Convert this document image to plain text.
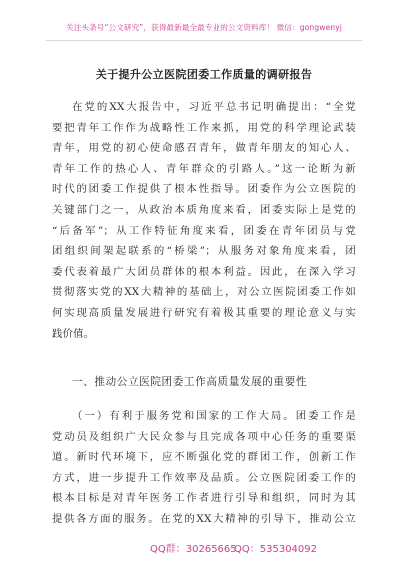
关注头条号“公文研究”，获得最新最全最专业的公文资料库！ 微信：gongwenyj
关于提升公立医院团委工作质量的调研报告
在党的XX大报告中，习近平总书记明确提出：“全党
要把青年工作作为战略性工作来抓，用党的科学理论武装
青年，用党的初心使命感召青年，做青年朋友的知心人、
青年工作的热心人、青年群众的引路人。”这一论断为新
时代的团委工作提供了根本性指导。团委作为公立医院的
关键部门之一，从政治本质角度来看，团委实际上是党的
“后备军”；从工作特征角度来看，团委在青年团员与党
团组织间架起联系的“桥梁”；从服务对象角度来看，团
委代表着最广大团员群体的根本利益。因此，在深入学习
贯彻落实党的XX大精神的基础上，对公立医院团委工作如
何实现高质量发展进行研究有着极其重要的理论意义与实
践价值。
一、推动公立医院团委工作高质量发展的重要性
（一）有利于服务党和国家的工作大局。团委工作是
党动员及组织广大民众参与且完成各项中心任务的重要渠
道。新时代环境下，应不断强化党的群团工作，创新工作
方式，进一步提升工作效率及品质。公立医院团委工作的
根本目标是对青年医务工作者进行引导和组织，同时为其
提供各方面的服务。在党的XX大精神的引导下，推动公立
QQ群：30265665
QQ：535304092
